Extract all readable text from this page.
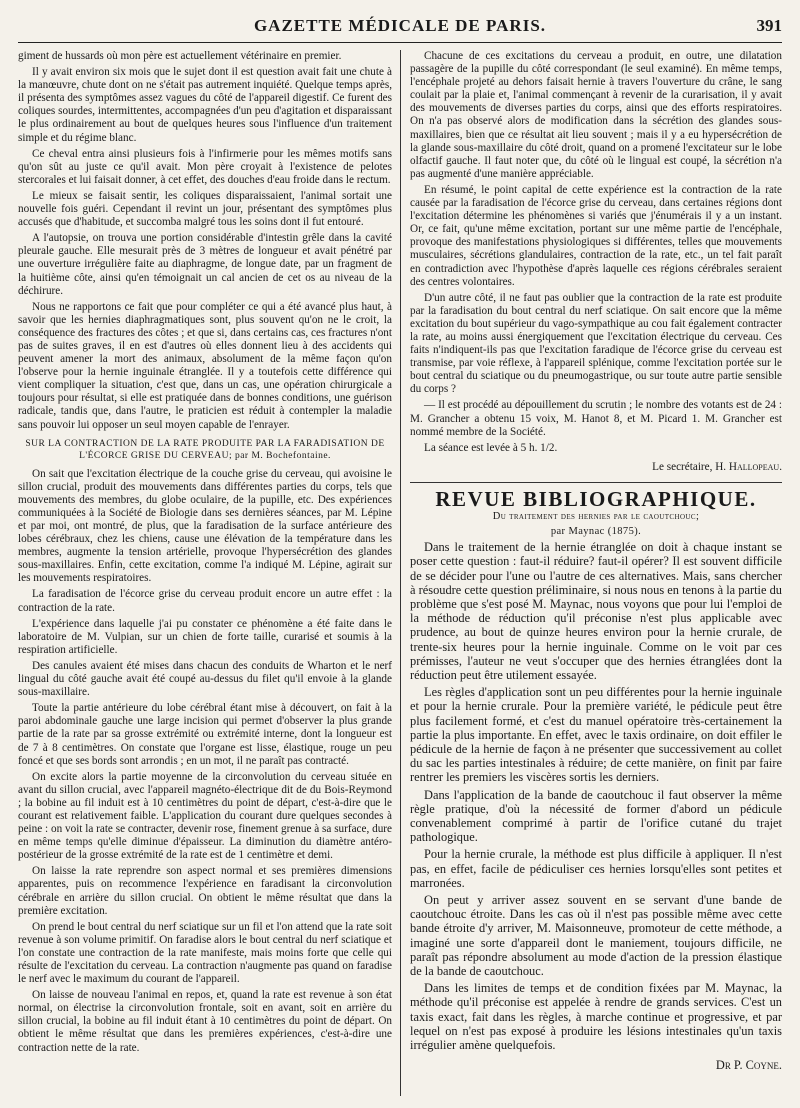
GAZETTE MÉDICALE DE PARIS.	391

giment de hussards où mon père est actuellement vétérinaire en premier.

Il y avait environ six mois que le sujet dont il est question avait fait une chute à la manœuvre, chute dont on ne s'était pas autrement inquiété. Quelque temps après, il présenta des symptômes assez vagues du côté de l'appareil digestif. Ce furent des coliques sourdes, intermittentes, accompagnées d'un peu d'agitation et disparaissant le plus ordinairement au bout de quelques heures sous l'influence d'un traitement simple et du régime blanc.

Ce cheval entra ainsi plusieurs fois à l'infirmerie pour les mêmes motifs sans qu'on sût au juste ce qu'il avait. Mon père croyait à l'existence de pelotes stercorales et lui faisait donner, à cet effet, des douches d'eau froide dans le rectum.

Le mieux se faisait sentir, les coliques disparaissaient, l'animal sortait une nouvelle fois guéri. Cependant il revint un jour, présentant des symptômes plus accusés que d'habitude, et succomba malgré tous les soins dont il fut entouré.

A l'autopsie, on trouva une portion considérable d'intestin grêle dans la cavité pleurale gauche. Elle mesurait près de 3 mètres de longueur et avait pénétré par une ouverture irrégulière faite au diaphragme, de longue date, par un fragment de la huitième côte, ainsi qu'en témoignait un cal ancien de cet os au niveau de la déchirure.

Nous ne rapportons ce fait que pour compléter ce qui a été avancé plus haut, à savoir que les hernies diaphragmatiques sont, plus souvent qu'on ne le croit, la conséquence des fractures des côtes ; et que si, dans certains cas, ces fractures n'ont pas de suites graves, il en est d'autres où elles donnent lieu à des accidents qui peuvent amener la mort des animaux, absolument de la même façon qu'on l'observe pour la hernie inguinale étranglée. Il y a toutefois cette différence qui vient compliquer la situation, c'est que, dans un cas, une opération chirurgicale a toujours pour résultat, si elle est pratiquée dans de bonnes conditions, une guérison radicale, tandis que, dans l'autre, le praticien est réduit à contempler la maladie sans pouvoir lui opposer un seul moyen capable de l'enrayer.

SUR LA CONTRACTION DE LA RATE PRODUITE PAR LA FARADISATION DE L'ÉCORCE GRISE DU CERVEAU; par M. Bochefontaine.

On sait que l'excitation électrique de la couche grise du cerveau, qui avoisine le sillon crucial, produit des mouvements dans différentes parties du corps, tels que mouvements des membres, du globe oculaire, de la pupille, etc. Des expériences communiquées à la Société de Biologie dans ses dernières séances, par M. Lépine et par moi, ont montré, de plus, que la faradisation de la surface antérieure des lobes cérébraux, chez les chiens, cause une élévation de la température dans les membres, augmente la tension artérielle, provoque l'hypersécrétion des glandes sous-maxillaires. Enfin, cette excitation, comme l'a indiqué M. Lépine, agirait sur les mouvements respiratoires.

La faradisation de l'écorce grise du cerveau produit encore un autre effet : la contraction de la rate.

L'expérience dans laquelle j'ai pu constater ce phénomène a été faite dans le laboratoire de M. Vulpian, sur un chien de forte taille, curarisé et soumis à la respiration artificielle.

Des canules avaient été mises dans chacun des conduits de Wharton et le nerf lingual du côté gauche avait été coupé au-dessus du filet qu'il envoie à la glande sous-maxillaire.

Toute la partie antérieure du lobe cérébral étant mise à découvert, on fait à la paroi abdominale gauche une large incision qui permet d'observer la plus grande partie de la rate par sa grosse extrémité ou extrémité interne, dont la longueur est de 7 à 8 centimètres. On constate que l'organe est lisse, élastique, rouge un peu foncé et que ses bords sont arrondis ; en un mot, il ne paraît pas contracté.

On excite alors la partie moyenne de la circonvolution du cerveau située en avant du sillon crucial, avec l'appareil magnéto-électrique dit de du Bois-Reymond ; la bobine au fil induit est à 10 centimètres du point de départ, c'est-à-dire que le courant est relativement faible. L'application du courant dure quelques secondes à peine : on voit la rate se contracter, devenir rose, finement grenue à sa surface, dure en même temps qu'elle diminue d'épaisseur. La diminution du diamètre antéro-postérieur de la grosse extrémité de la rate est de 1 centimètre et demi.

On laisse la rate reprendre son aspect normal et ses premières dimensions apparentes, puis on recommence l'expérience en faradisant la circonvolution cérébrale en arrière du sillon crucial. On obtient le même résultat que dans la première excitation.

On prend le bout central du nerf sciatique sur un fil et l'on attend que la rate soit revenue à son volume primitif. On faradise alors le bout central du nerf sciatique et l'on constate une contraction de la rate manifeste, mais moins forte que celle qui résulte de l'excitation du cerveau. La contraction n'augmente pas quand on faradise le nerf avec le maximum du courant de l'appareil.

On laisse de nouveau l'animal en repos, et, quand la rate est revenue à son état normal, on électrise la circonvolution frontale, soit en avant, soit en arrière du sillon crucial, la bobine au fil induit étant à 10 centimètres du point de départ. On obtient le même résultat que dans les premières expériences, c'est-à-dire une contraction nette de la rate.

Chacune de ces excitations du cerveau a produit, en outre, une dilatation passagère de la pupille du côté correspondant (le seul examiné). En même temps, l'encéphale projeté au dehors faisait hernie à travers l'ouverture du crâne, le sang coulait par la plaie et, l'animal commençant à revenir de la curarisation, il y avait des mouvements de diverses parties du corps, ainsi que des efforts respiratoires. On n'a pas observé alors de modification dans la sécrétion des glandes sous-maxillaires, bien que ce résultat ait lieu souvent ; mais il y a eu hypersécrétion de la glande sous-maxillaire du côté droit, quand on a promené l'excitateur sur le lobe olfactif gauche. Il faut noter que, du côté où le lingual est coupé, la sécrétion n'a pas augmenté d'une manière appréciable.

En résumé, le point capital de cette expérience est la contraction de la rate causée par la faradisation de l'écorce grise du cerveau, dans certaines régions dont l'excitation détermine les phénomènes si variés que j'énumérais il y a un instant. Or, ce fait, qu'une même excitation, portant sur une même partie de l'encéphale, provoque des manifestations physiologiques si différentes, telles que mouvements musculaires, sécrétions glandulaires, contraction de la rate, etc., un tel fait paraît en contradiction avec l'hypothèse d'après laquelle ces régions cérébrales seraient des centres volontaires.

D'un autre côté, il ne faut pas oublier que la contraction de la rate est produite par la faradisation du bout central du nerf sciatique. On sait encore que la même excitation du bout supérieur du vago-sympathique au cou fait également contracter la rate, au moins aussi énergiquement que l'excitation électrique du cerveau. Ces faits n'indiquent-ils pas que l'excitation faradique de l'écorce grise du cerveau est transmise, par voie réflexe, à l'appareil splénique, comme l'excitation portée sur le bout central du sciatique ou du pneumogastrique, ou sur toute autre partie sensible du corps ?

— Il est procédé au dépouillement du scrutin ; le nombre des votants est de 24 : M. Grancher a obtenu 15 voix, M. Hanot 8, et M. Picard 1. M. Grancher est nommé membre de la Société.

La séance est levée à 5 h. 1/2.

Le secrétaire, H. Hallopeau.

REVUE BIBLIOGRAPHIQUE.
Du traitement des hernies par le caoutchouc;
par Maynac (1875).

Dans le traitement de la hernie étranglée on doit à chaque instant se poser cette question : faut-il réduire? faut-il opérer? Il est souvent difficile de se décider pour l'une ou l'autre de ces alternatives. Mais, sans chercher à résoudre cette question préliminaire, si nous nous en tenons à la partie du problème que s'est posé M. Maynac, nous voyons que pour lui l'emploi de la méthode de réduction qu'il préconise n'est plus applicable avec prudence, au bout de quinze heures environ pour la hernie crurale, de trente-six heures pour la hernie inguinale. Comme on le voit par ces prémisses, l'auteur ne veut s'occuper que des hernies étranglées dont la réduction peut être utilement essayée.

Les règles d'application sont un peu différentes pour la hernie inguinale et pour la hernie crurale. Pour la première variété, le pédicule peut être plus facilement formé, et c'est du manuel opératoire très-certainement la partie la plus importante. En effet, avec le taxis ordinaire, on doit effiler le pédicule de la hernie de façon à ne présenter que successivement au collet du sac les parties intestinales à réduire; de cette manière, on finit par faire rentrer les premiers les viscères sortis les derniers.

Dans l'application de la bande de caoutchouc il faut observer la même règle pratique, d'où la nécessité de former d'abord un pédicule convenablement comprimé à partir de l'orifice cutané du trajet pathologique.

Pour la hernie crurale, la méthode est plus difficile à appliquer. Il n'est pas, en effet, facile de pédiculiser ces hernies lorsqu'elles sont petites et marronées.

On peut y arriver assez souvent en se servant d'une bande de caoutchouc étroite. Dans les cas où il n'est pas possible même avec cette bande étroite d'y arriver, M. Maisonneuve, promoteur de cette méthode, a imaginé une sorte d'appareil dont le maniement, toujours difficile, ne paraît pas répondre absolument au mode d'action de la pression élastique de la bande de caoutchouc.

Dans les limites de temps et de condition fixées par M. Maynac, la méthode qu'il préconise est appelée à rendre de grands services. C'est un taxis exact, fait dans les règles, à marche continue et progressive, et par lequel on n'est pas exposé à produire les lésions intestinales qu'un taxis irrégulier amène quelquefois.

Dr P. Coyne.
